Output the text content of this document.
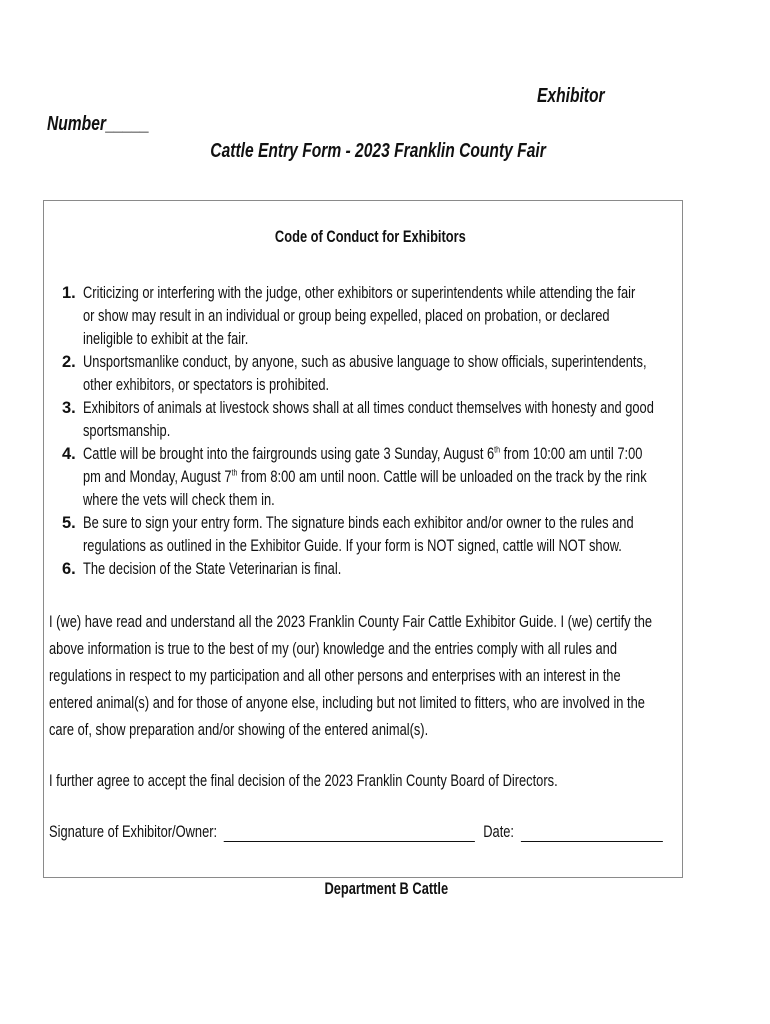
Exhibitor
Number_____
Cattle Entry Form - 2023 Franklin County Fair
Code of Conduct for Exhibitors
1. Criticizing or interfering with the judge, other exhibitors or superintendents while attending the fair
or show may result in an individual or group being expelled, placed on probation, or declared
ineligible to exhibit at the fair.
2. Unsportsmanlike conduct, by anyone, such as abusive language to show officials, superintendents,
other exhibitors, or spectators is prohibited.
3. Exhibitors of animals at livestock shows shall at all times conduct themselves with honesty and good
sportsmanship.
4. Cattle will be brought into the fairgrounds using gate 3 Sunday, August 6th from 10:00 am until 7:00
pm and Monday, August 7th from 8:00 am until noon. Cattle will be unloaded on the track by the rink
where the vets will check them in.
5. Be sure to sign your entry form. The signature binds each exhibitor and/or owner to the rules and
regulations as outlined in the Exhibitor Guide. If your form is NOT signed, cattle will NOT show.
6. The decision of the State Veterinarian is final.
I (we) have read and understand all the 2023 Franklin County Fair Cattle Exhibitor Guide. I (we) certify the
above information is true to the best of my (our) knowledge and the entries comply with all rules and
regulations in respect to my participation and all other persons and enterprises with an interest in the
entered animal(s) and for those of anyone else, including but not limited to fitters, who are involved in the
care of, show preparation and/or showing of the entered animal(s).
I further agree to accept the final decision of the 2023 Franklin County Board of Directors.
Signature of Exhibitor/Owner:	Date:
Department B Cattle
